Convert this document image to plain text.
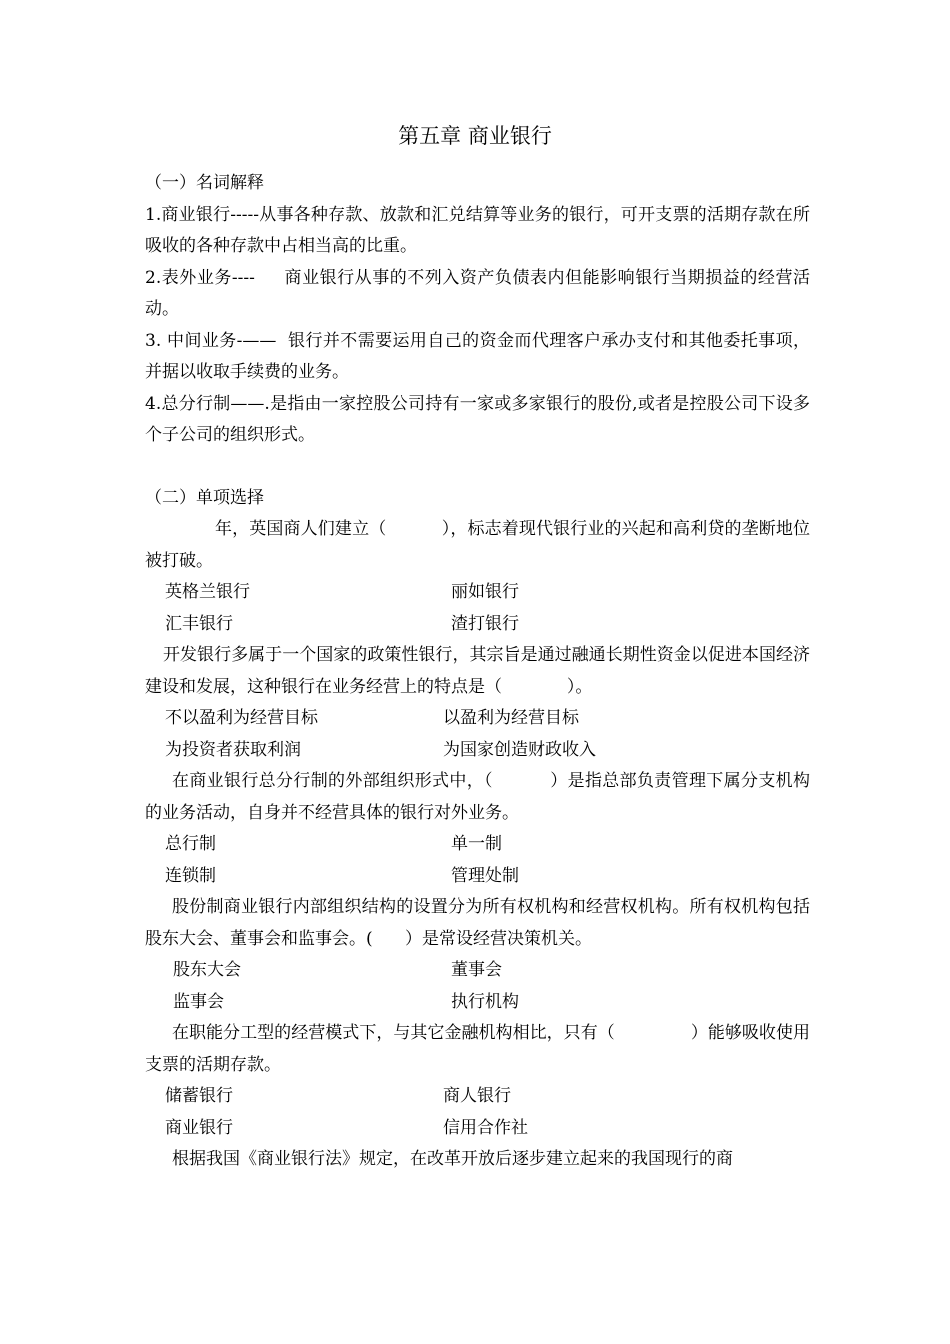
第五章 商业银行

（一）名词解释

1.商业银行-----从事各种存款、放款和汇兑结算等业务的银行，可开支票的活期存款在所吸收的各种存款中占相当高的比重。

2.表外业务----     商业银行从事的不列入资产负债表内但能影响银行当期损益的经营活动。

3. 中间业务-——  银行并不需要运用自己的资金而代理客户承办支付和其他委托事项，并据以收取手续费的业务。

4.总分行制——.是指由一家控股公司持有一家或多家银行的股份,或者是控股公司下设多个子公司的组织形式。

（二）单项选择

年，英国商人们建立（          ），标志着现代银行业的兴起和高利贷的垄断地位被打破。

英格兰银行	丽如银行
汇丰银行	渣打银行

开发银行多属于一个国家的政策性银行，其宗旨是通过融通长期性资金以促进本国经济建设和发展，这种银行在业务经营上的特点是（            ）。

不以盈利为经营目标	以盈利为经营目标
为投资者获取利润	为国家创造财政收入

在商业银行总分行制的外部组织形式中，（          ）是指总部负责管理下属分支机构的业务活动，自身并不经营具体的银行对外业务。

总行制	单一制
连锁制	管理处制

股份制商业银行内部组织结构的设置分为所有权机构和经营权机构。所有权机构包括股东大会、董事会和监事会。(      ）是常设经营决策机关。

股东大会	董事会
监事会	执行机构

在职能分工型的经营模式下，与其它金融机构相比，只有（              ）能够吸收使用支票的活期存款。

储蓄银行	商人银行
商业银行	信用合作社

根据我国《商业银行法》规定，在改革开放后逐步建立起来的我国现行的商
